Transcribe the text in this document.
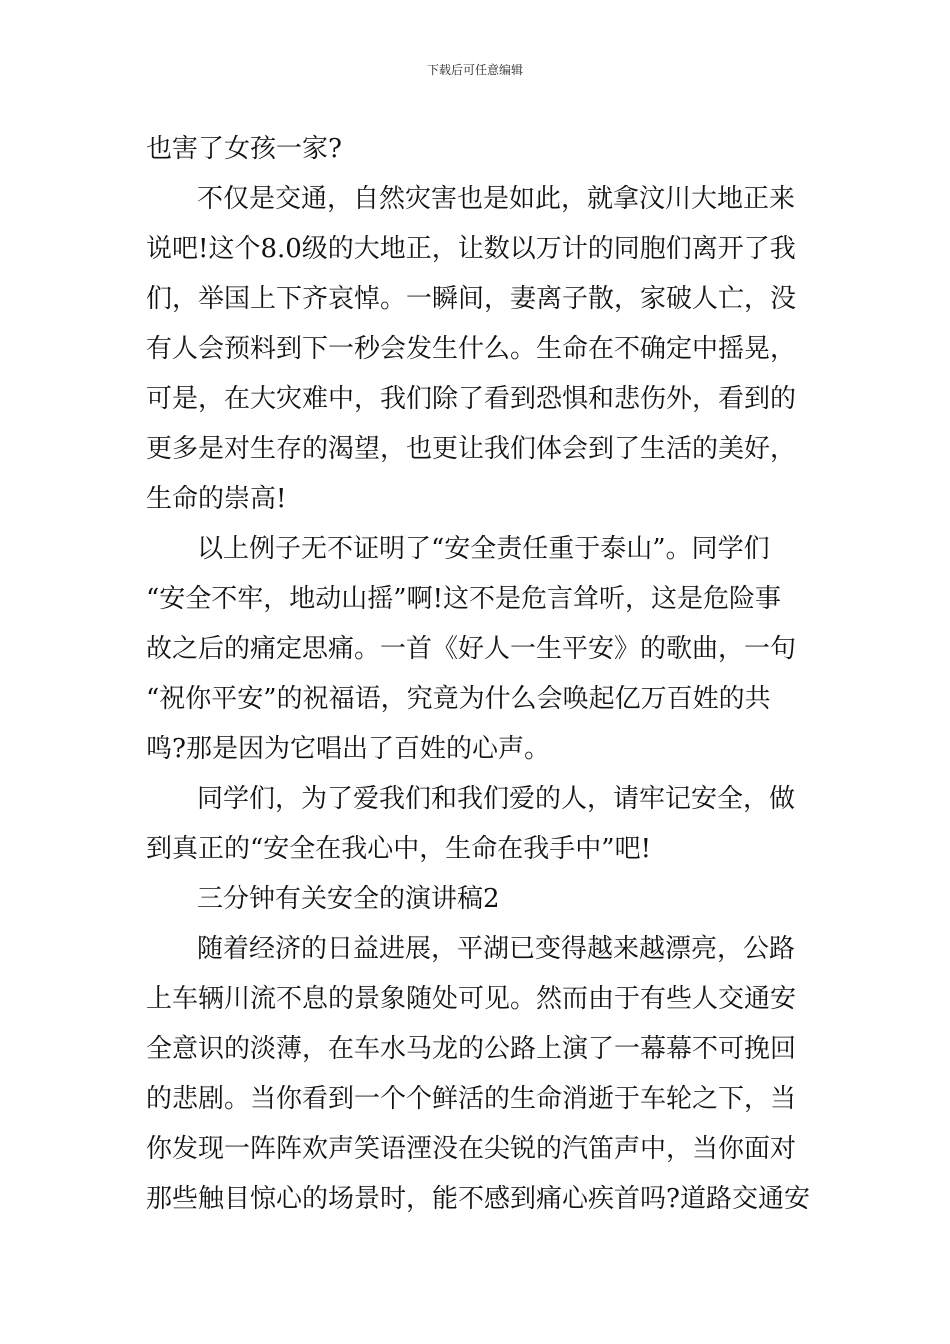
下载后可任意编辑
也害了女孩一家?
不仅是交通，自然灾害也是如此，就拿汶川大地正来
说吧!这个8.0级的大地正，让数以万计的同胞们离开了我
们，举国上下齐哀悼。一瞬间，妻离子散，家破人亡，没
有人会预料到下一秒会发生什么。生命在不确定中摇晃，
可是，在大灾难中，我们除了看到恐惧和悲伤外，看到的
更多是对生存的渴望，也更让我们体会到了生活的美好，
生命的崇高!
以上例子无不证明了“安全责任重于泰山”。同学们
“安全不牢，地动山摇”啊!这不是危言耸听，这是危险事
故之后的痛定思痛。一首《好人一生平安》的歌曲，一句
“祝你平安”的祝福语，究竟为什么会唤起亿万百姓的共
鸣?那是因为它唱出了百姓的心声。
同学们，为了爱我们和我们爱的人，请牢记安全，做
到真正的“安全在我心中，生命在我手中”吧!
三分钟有关安全的演讲稿2
随着经济的日益进展，平湖已变得越来越漂亮，公路
上车辆川流不息的景象随处可见。然而由于有些人交通安
全意识的淡薄，在车水马龙的公路上演了一幕幕不可挽回
的悲剧。当你看到一个个鲜活的生命消逝于车轮之下，当
你发现一阵阵欢声笑语湮没在尖锐的汽笛声中，当你面对
那些触目惊心的场景时，能不感到痛心疾首吗?道路交通安
